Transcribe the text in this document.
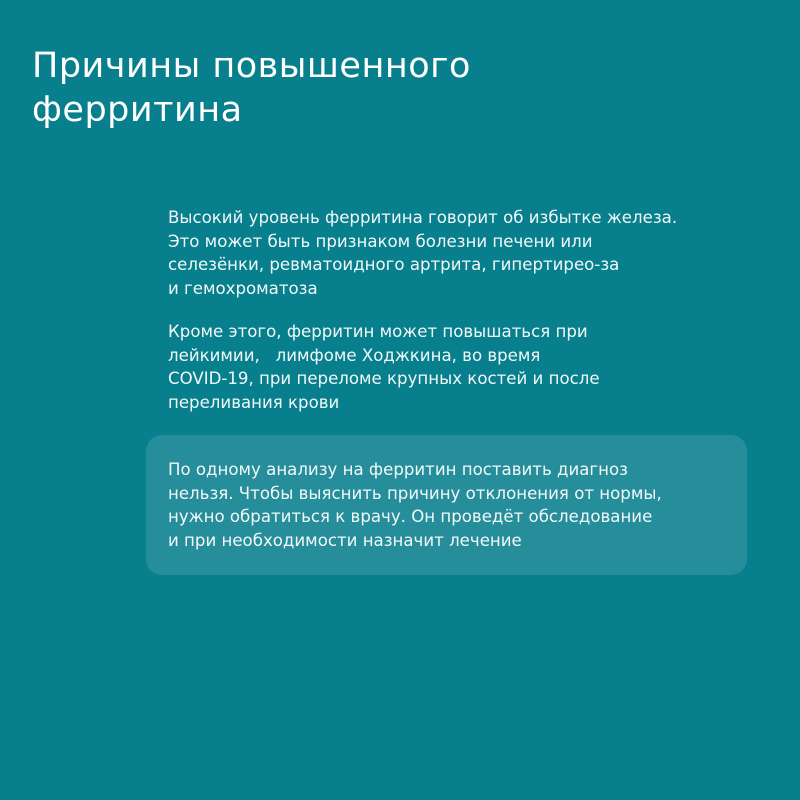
Причины повышенного
ферритина

Высокий уровень ферритина говорит об избытке железа.
Это может быть признаком болезни печени или
селезёнки, ревматоидного артрита, гипертирео-за
и гемохроматоза

Кроме этого, ферритин может повышаться при
лейкимии,   лимфоме Ходжкина, во время
COVID-19, при переломе крупных костей и после
переливания крови

По одному анализу на ферритин поставить диагноз
нельзя. Чтобы выяснить причину отклонения от нормы,
нужно обратиться к врачу. Он проведёт обследование
и при необходимости назначит лечение
